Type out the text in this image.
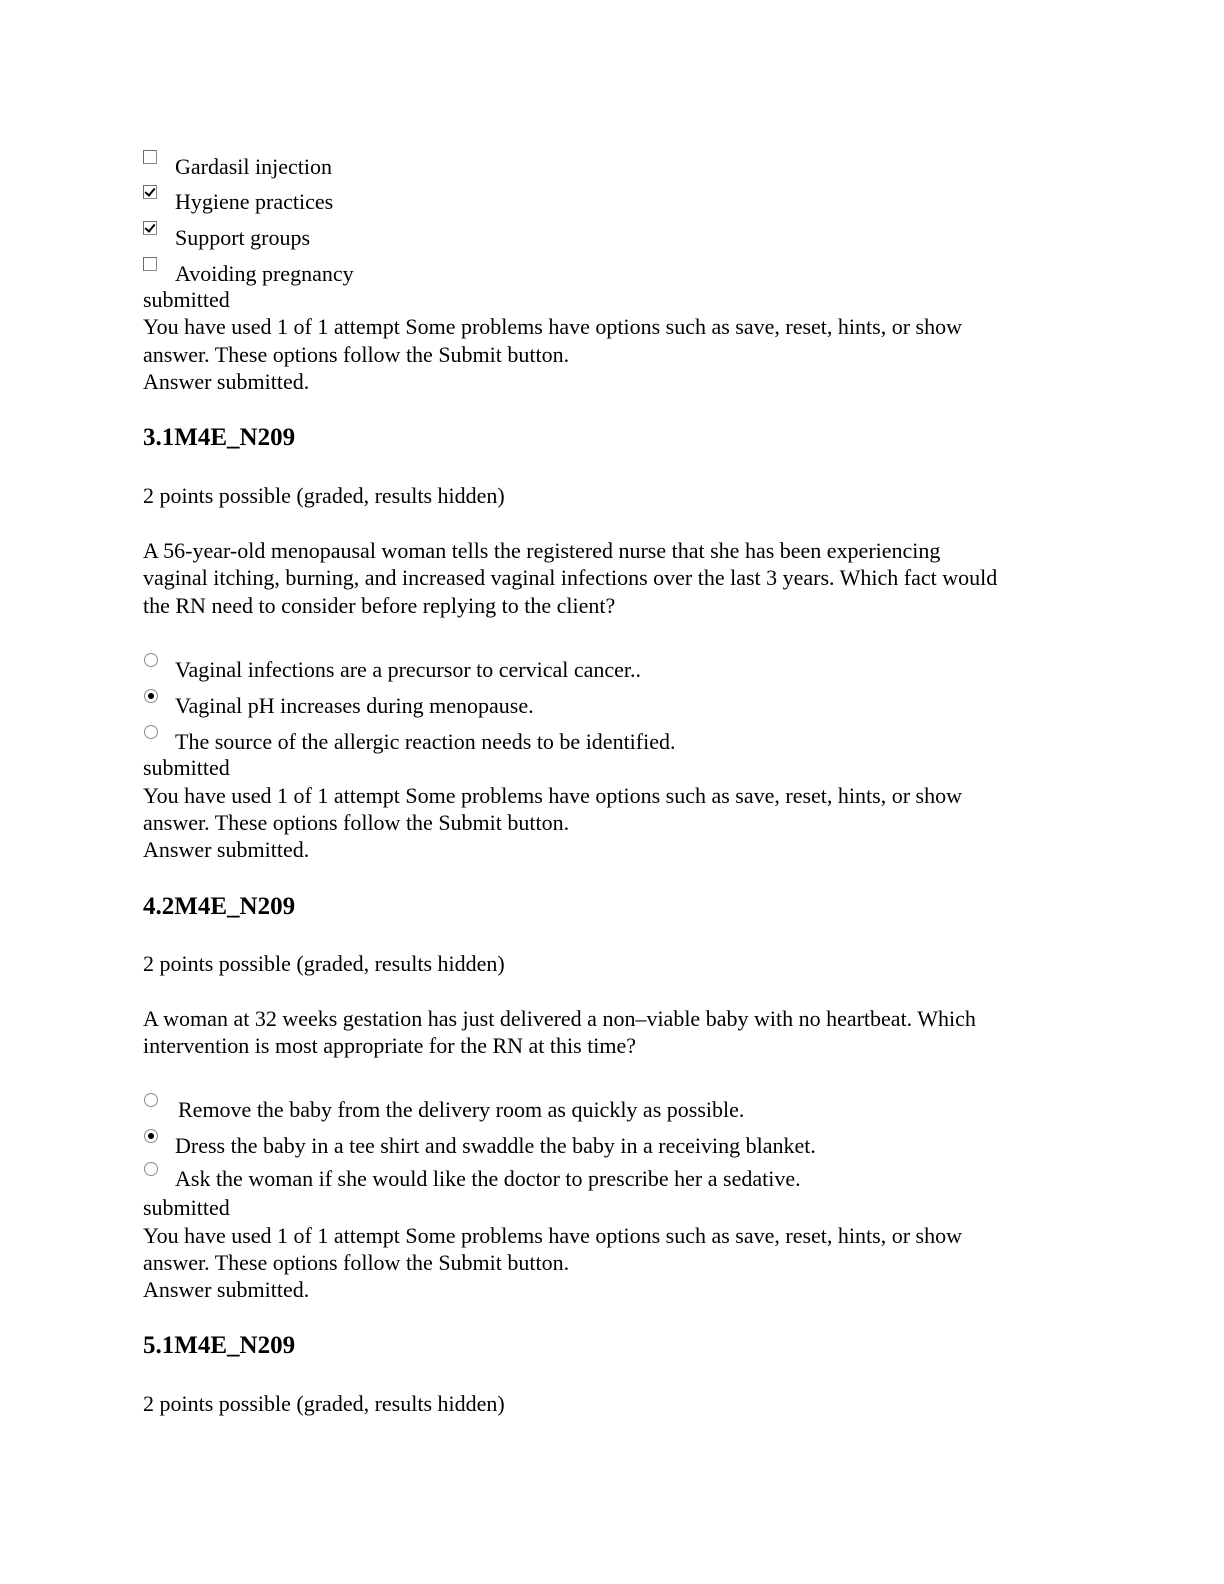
Gardasil injection
Hygiene practices
Support groups
Avoiding pregnancy
submitted
You have used 1 of 1 attempt Some problems have options such as save, reset, hints, or show
answer. These options follow the Submit button.
Answer submitted.
3.1M4E_N209
2 points possible (graded, results hidden)
A 56-year-old menopausal woman tells the registered nurse that she has been experiencing
vaginal itching, burning, and increased vaginal infections over the last 3 years. Which fact would
the RN need to consider before replying to the client?
Vaginal infections are a precursor to cervical cancer..
Vaginal pH increases during menopause.
The source of the allergic reaction needs to be identified.
submitted
You have used 1 of 1 attempt Some problems have options such as save, reset, hints, or show
answer. These options follow the Submit button.
Answer submitted.
4.2M4E_N209
2 points possible (graded, results hidden)
A woman at 32 weeks gestation has just delivered a non–viable baby with no heartbeat. Which
intervention is most appropriate for the RN at this time?
Remove the baby from the delivery room as quickly as possible.
Dress the baby in a tee shirt and swaddle the baby in a receiving blanket.
Ask the woman if she would like the doctor to prescribe her a sedative.
submitted
You have used 1 of 1 attempt Some problems have options such as save, reset, hints, or show
answer. These options follow the Submit button.
Answer submitted.
5.1M4E_N209
2 points possible (graded, results hidden)
